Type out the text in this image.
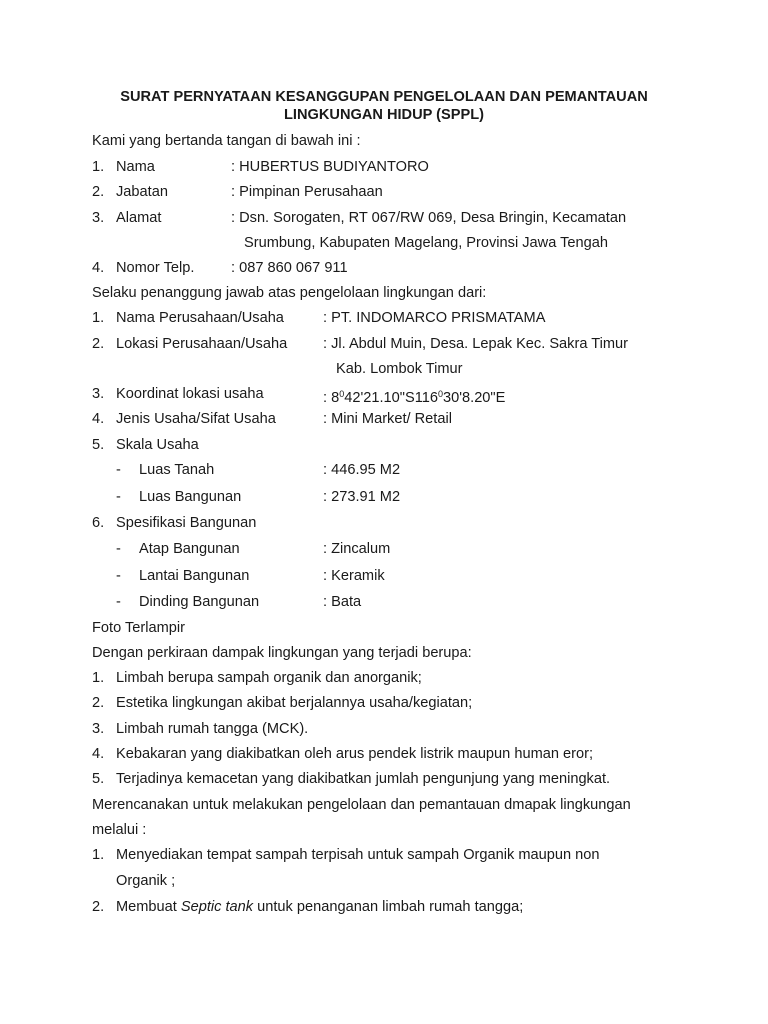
SURAT PERNYATAAN KESANGGUPAN PENGELOLAAN DAN PEMANTAUAN
LINGKUNGAN HIDUP (SPPL)
Kami yang bertanda tangan di bawah ini :
1. Nama	: HUBERTUS BUDIYANTORO
2. Jabatan	: Pimpinan Perusahaan
3. Alamat	: Dsn. Sorogaten, RT 067/RW 069, Desa Bringin, Kecamatan
Srumbung, Kabupaten Magelang, Provinsi Jawa Tengah
4. Nomor Telp.	: 087 860 067 911
Selaku penanggung jawab atas pengelolaan lingkungan dari:
1. Nama Perusahaan/Usaha	: PT. INDOMARCO PRISMATAMA
2. Lokasi Perusahaan/Usaha : Jl. Abdul Muin, Desa. Lepak Kec. Sakra Timur
Kab. Lombok Timur
3. Koordinat lokasi usaha	: $8^042'21.10"S116^030'8.20"E$
4. Jenis Usaha/Sifat Usaha	: Mini Market/ Retail
5. Skala Usaha
- Luas Tanah	: 446.95 M2
- Luas Bangunan	: 273.91 M2
6. Spesifikasi Bangunan
- Atap Bangunan	: Zincalum
- Lantai Bangunan	: Keramik
- Dinding Bangunan	: Bata
Foto Terlampir
Dengan perkiraan dampak lingkungan yang terjadi berupa:
1. Limbah berupa sampah organik dan anorganik;
2. Estetika lingkungan akibat berjalannya usaha/kegiatan;
3. Limbah rumah tangga (MCK).
4. Kebakaran yang diakibatkan oleh arus pendek listrik maupun human eror;
5. Terjadinya kemacetan yang diakibatkan jumlah pengunjung yang meningkat.
Merencanakan untuk melakukan pengelolaan dan pemantauan dmapak lingkungan
melalui :
1. Menyediakan tempat sampah terpisah untuk sampah Organik maupun non
Organik ;
2. Membuat Septic tank untuk penanganan limbah rumah tangga;
